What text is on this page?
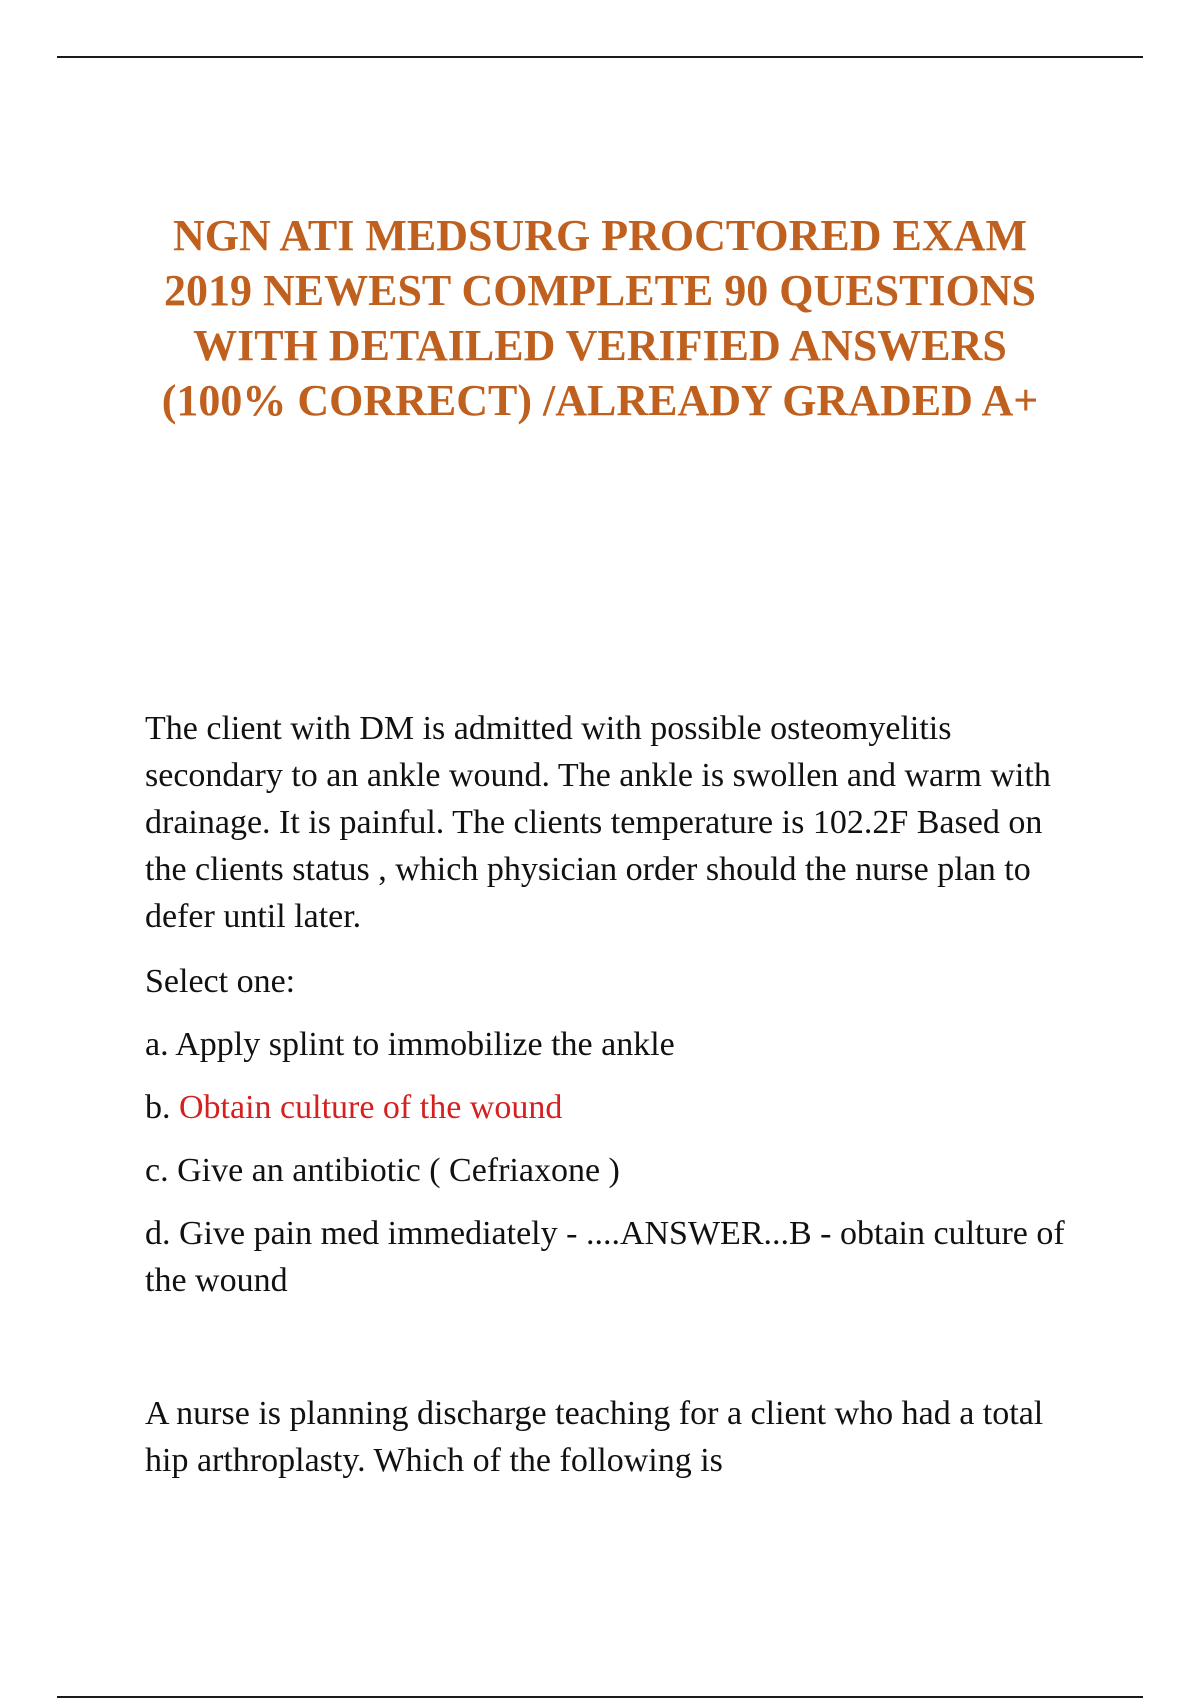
NGN ATI MEDSURG PROCTORED EXAM
2019 NEWEST COMPLETE 90 QUESTIONS
WITH DETAILED VERIFIED ANSWERS
(100% CORRECT) /ALREADY GRADED A+

The client with DM is admitted with possible osteomyelitis secondary to an ankle wound. The ankle is swollen and warm with drainage. It is painful. The clients temperature is 102.2F Based on the clients status , which physician order should the nurse plan to defer until later.

Select one:

a. Apply splint to immobilize the ankle

b. Obtain culture of the wound

c. Give an antibiotic ( Cefriaxone )

d. Give pain med immediately - ....ANSWER...B - obtain culture of the wound

A nurse is planning discharge teaching for a client who had a total hip arthroplasty. Which of the following is
